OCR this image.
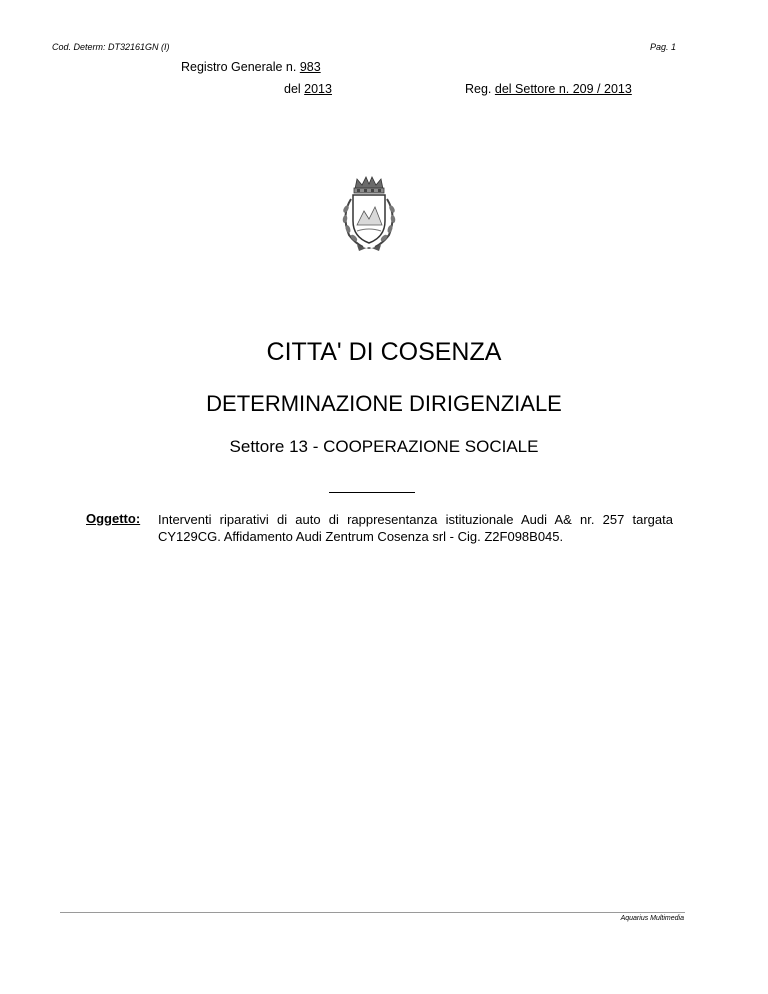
Cod. Determ: DT32161GN (I)	Pag. 1
Registro Generale n. 983
del 2013	Reg. del Settore n. 209 / 2013
CITTA' DI COSENZA
DETERMINAZIONE DIRIGENZIALE
Settore 13 - COOPERAZIONE SOCIALE
Oggetto: Interventi riparativi di auto di rappresentanza istituzionale Audi A& nr. 257 targata CY129CG. Affidamento Audi Zentrum Cosenza srl - Cig. Z2F098B045.
Aquarius Multimedia
